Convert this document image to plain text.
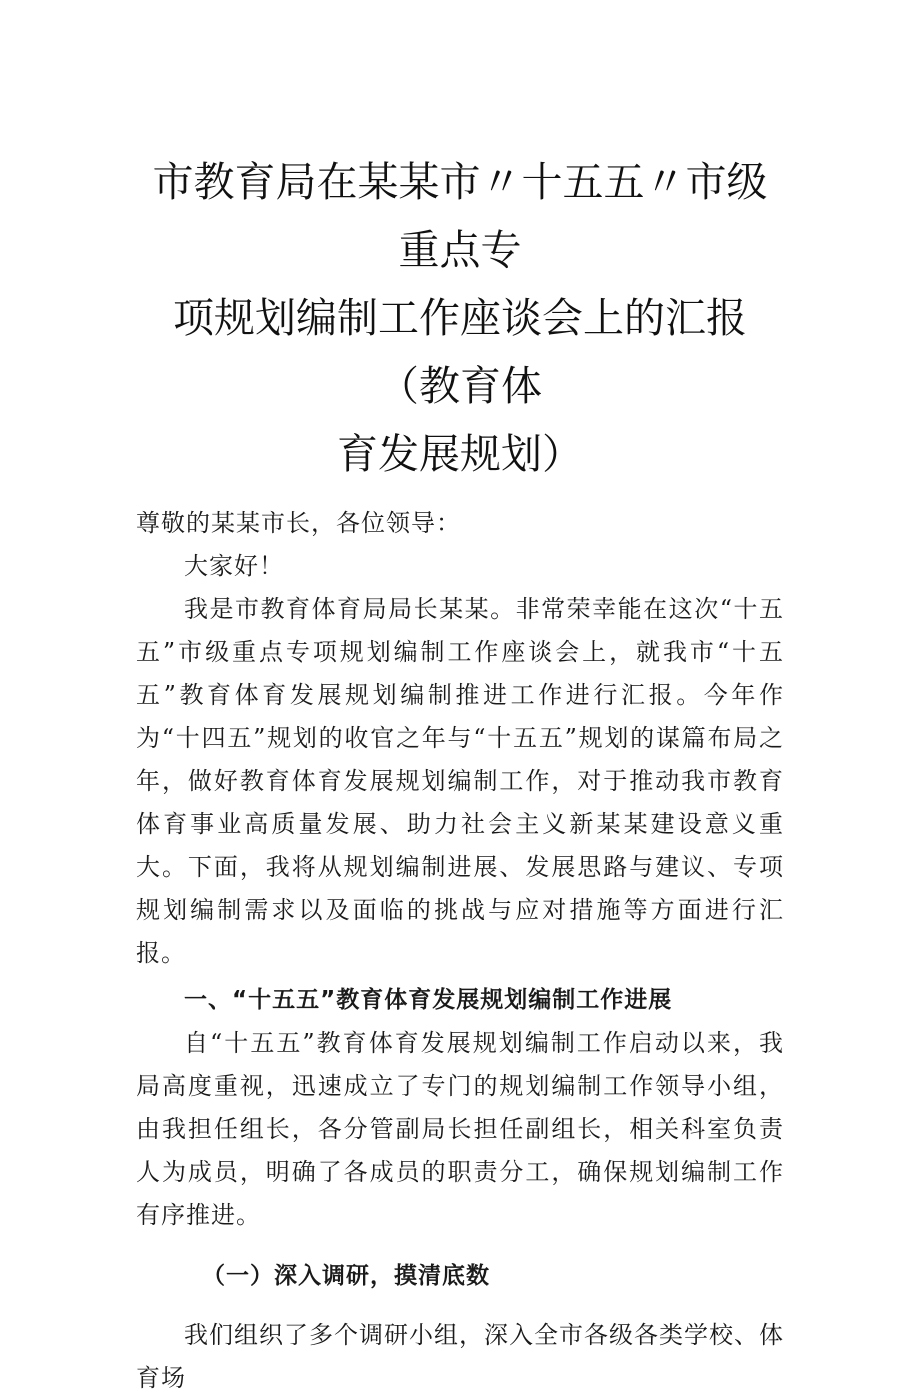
市教育局在某某市〃十五五〃市级重点专
项规划编制工作座谈会上的汇报（教育体
育发展规划）

尊敬的某某市长，各位领导：

大家好！

我是市教育体育局局长某某。非常荣幸能在这次“十五五”市级重点专项规划编制工作座谈会上，就我市“十五五”教育体育发展规划编制推进工作进行汇报。今年作为“十四五”规划的收官之年与“十五五”规划的谋篇布局之年，做好教育体育发展规划编制工作，对于推动我市教育体育事业高质量发展、助力社会主义新某某建设意义重大。下面，我将从规划编制进展、发展思路与建议、专项规划编制需求以及面临的挑战与应对措施等方面进行汇报。

一、“十五五”教育体育发展规划编制工作进展

自“十五五”教育体育发展规划编制工作启动以来，我局高度重视，迅速成立了专门的规划编制工作领导小组，由我担任组长，各分管副局长担任副组长，相关科室负责人为成员，明确了各成员的职责分工，确保规划编制工作有序推进。

（一）深入调研，摸清底数

我们组织了多个调研小组，深入全市各级各类学校、体育场
